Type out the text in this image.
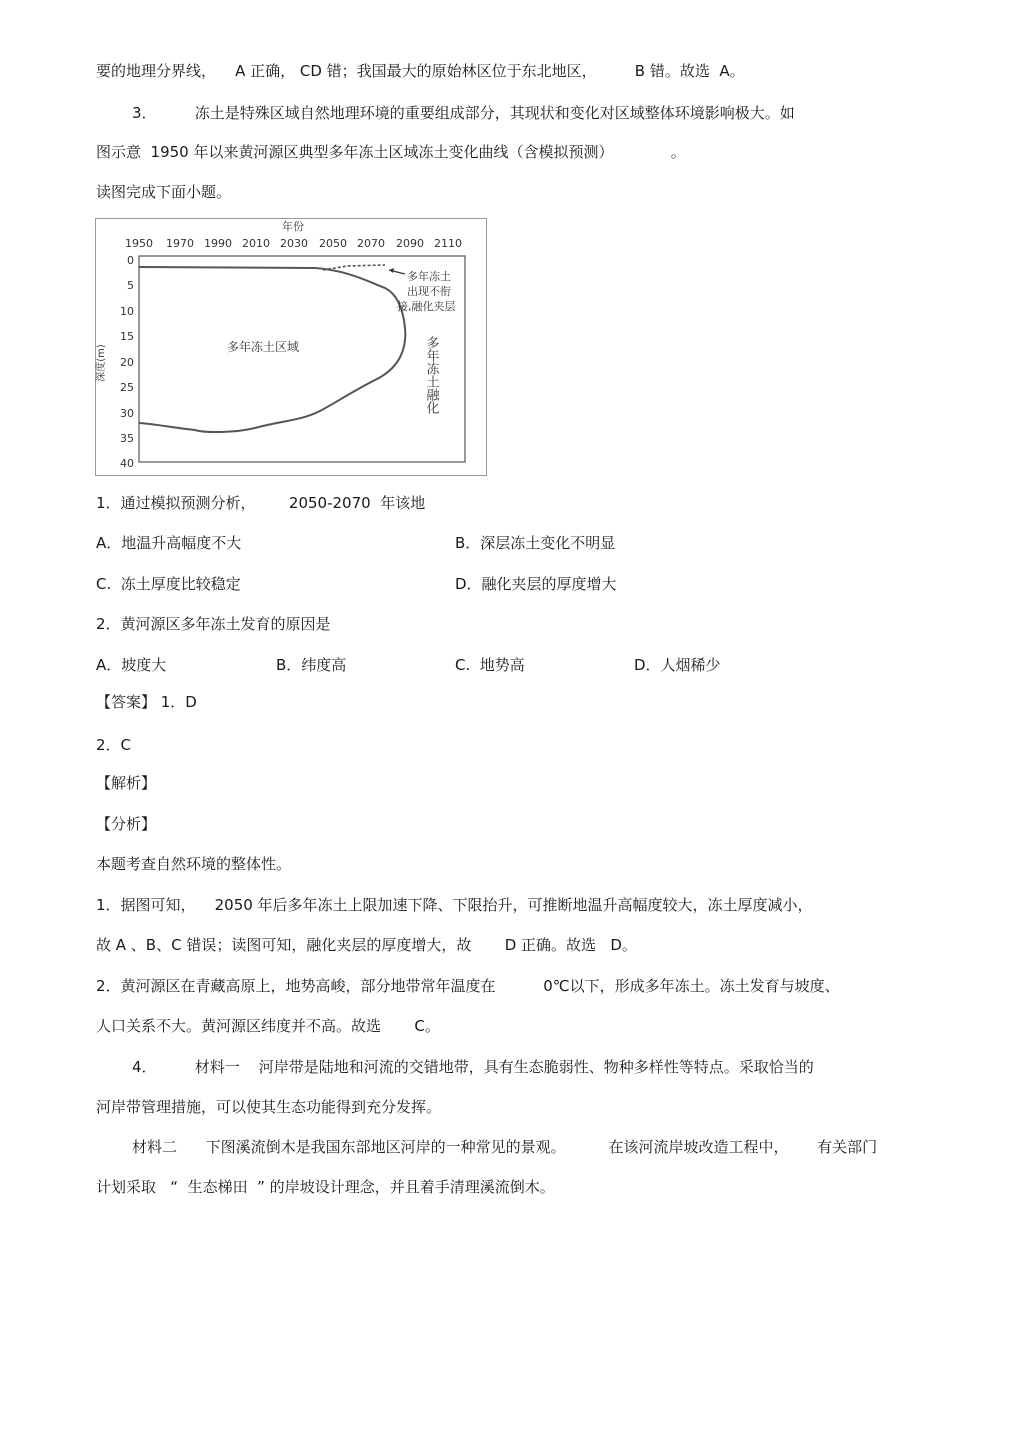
要的地理分界线，    A 正确， CD 错；我国最大的原始林区位于东北地区，        B 错。故选  A。
3．        冻土是特殊区域自然地理环境的重要组成部分，其现状和变化对区域整体环境影响极大。如
图示意  1950 年以来黄河源区典型多年冻土区域冻土变化曲线（含模拟预测）            。
读图完成下面小题。
年份
1950 1970 1990 2010 2030 2050 2070 2090 2110
0
5
10
15
20
25
30
35
40
深度(m)	多年冻土区域
多年冻土
出现不衔
接,融化夹层
多年冻土融化
1．通过模拟预测分析，       2050-2070  年该地
A．地温升高幅度不大	B．深层冻土变化不明显
C.  冻土厚度比较稳定	D．融化夹层的厚度增大
2．黄河源区多年冻土发育的原因是
A．坡度大	B．纬度高	C.  地势高	D．人烟稀少
【答案】 1．D
2．C
【解析】
【分析】
本题考查自然环境的整体性。
1．据图可知，    2050 年后多年冻土上限加速下降、下限抬升，可推断地温升高幅度较大，冻土厚度减小，
故 A 、B、C 错误；读图可知，融化夹层的厚度增大，故       D 正确。故选   D。
2．黄河源区在青藏高原上，地势高峻，部分地带常年温度在          0℃以下，形成多年冻土。冻土发育与坡度、
人口关系不大。黄河源区纬度并不高。故选       C。
4．        材料一    河岸带是陆地和河流的交错地带，具有生态脆弱性、物种多样性等特点。采取恰当的
河岸带管理措施，可以使其生态功能得到充分发挥。
材料二      下图溪流倒木是我国东部地区河岸的一种常见的景观。         在该河流岸坡改造工程中，      有关部门
计划采取   “  生态梯田  ” 的岸坡设计理念，并且着手清理溪流倒木。
